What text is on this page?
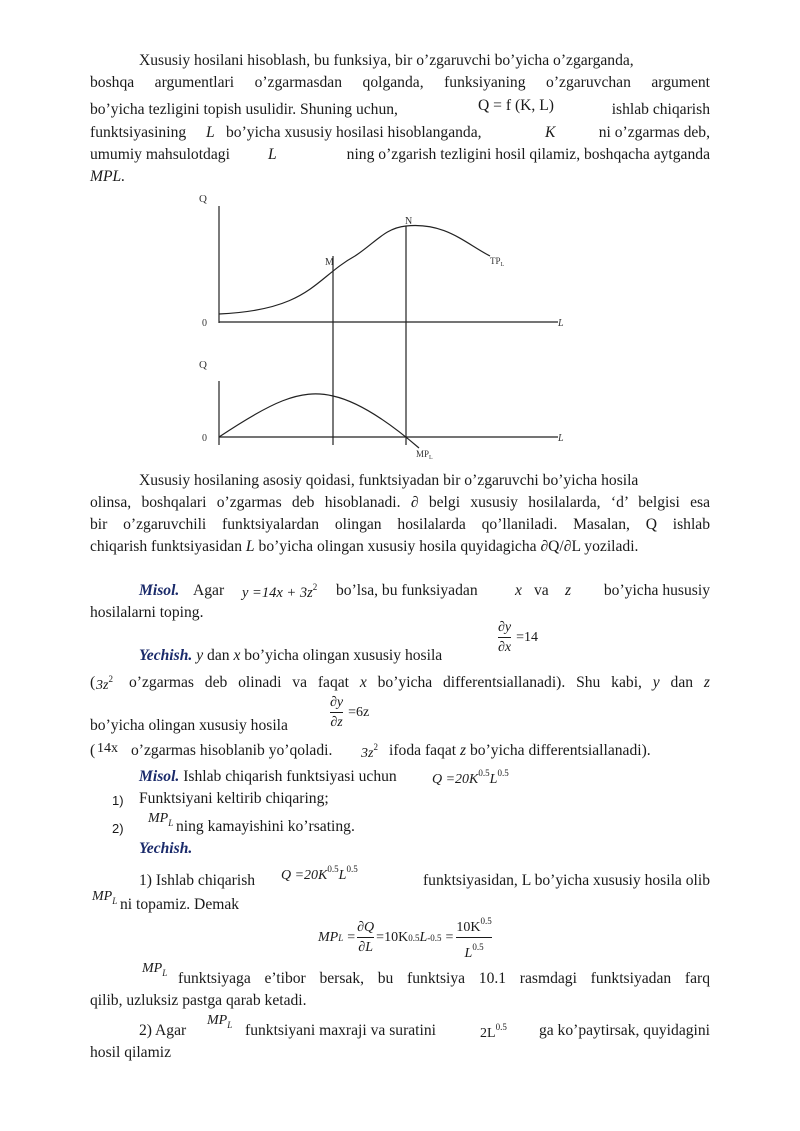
Xususiy hosilani hisoblash, bu funksiya, bir o’zgaruvchi bo’yicha o’zgarganda,
boshqa argumentlari o’zgarmasdan qolganda, funksiyaning o’zgaruvchan argument
bo’yicha tezligini topish usulidir. Shuning uchun,	Q = f (K, L)	ishlab chiqarish
funktsiyasining L bo’yicha xususiy hosilasi hisoblanganda,	K	ni o’zgarmas deb,
umumiy mahsulotdagi L	ning o’zgarish tezligini hosil qilamiz, boshqacha aytganda
MPL.
Q
0	L
M
N
$TP_L$
Q
0	L
$MP_L$
Xususiy hosilaning asosiy qoidasi, funktsiyadan bir o’zgaruvchi bo’yicha hosila
olinsa, boshqalari o’zgarmas deb hisoblanadi. ∂ belgi xususiy hosilalarda, ‘d’ belgisi esa
bir o’zgaruvchili funktsiyalardan olingan hosilalarda qo’llaniladi. Masalan, Q ishlab
chiqarish funktsiyasidan L bo’yicha olingan xususiy hosila quyidagicha ∂Q/∂L yoziladi.
Misol. Agar $y =14x + 3z^2$ bo’lsa, bu funksiyadan x va z	bo’yicha hususiy
hosilalarni toping.
Yechish. y dan x bo’yicha olingan xususiy hosila	$\frac{\partial y}{\partial x} =14$
( $3z^2$ o’zgarmas deb olinadi va faqat x bo’yicha differentsiallanadi). Shu kabi, y dan z
bo’yicha olingan xususiy hosila	$\frac{\partial y}{\partial z} =6z$
( 14x o’zgarmas hisoblanib yo’qoladi. $3z^2$ ifoda faqat z bo’yicha differentsiallanadi).
Misol. Ishlab chiqarish funktsiyasi uchun	$Q =20K^{0.5}L^{0.5}$
1) Funktsiyani keltirib chiqaring;
2)
$MP_L$ ning kamayishini ko’rsating.
Yechish.
1) Ishlab chiqarish $Q =20K^{0.5}L^{0.5}$
funktsiyasidan, L bo’yicha xususiy hosila olib
$MP_L$ ni topamiz. Demak
MP $L = \frac{\partial Q}{\partial L} =10K$ 0.5 L $-0.5 = \frac{10K^{0.5}}{L^{0.5}}$
$MP_L$ funktsiyaga e’tibor bersak, bu funktsiya 10.1 rasmdagi funktsiyadan farq
qilib, uzluksiz pastga qarab ketadi.
2) Agar
$MP_L$ funktsiyani maxraji va suratini	$2L^{0.5}$	ga ko’paytirsak, quyidagini
hosil qilamiz
